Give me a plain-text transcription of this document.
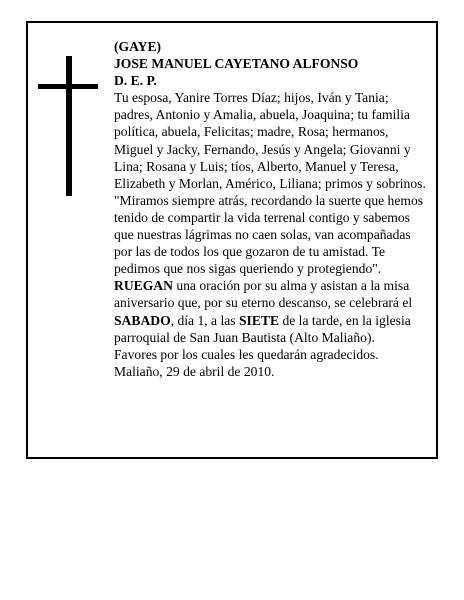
(GAYE)

JOSE MANUEL CAYETANO ALFONSO

D. E. P.

Tu esposa, Yanire Torres Díaz; hijos, Iván y Tania; padres, Antonio y Amalia, abuela, Joaquina; tu familia política, abuela, Felicitas; madre, Rosa; hermanos, Miguel y Jacky, Fernando, Jesús y Angela; Giovanni y Lina; Rosana y Luis; tíos, Alberto, Manuel y Teresa, Elizabeth y Morlan, Américo, Liliana; primos y sobrinos.

"Miramos siempre atrás, recordando la suerte que hemos tenido de compartir la vida terrenal contigo y sabemos que nuestras lágrimas no caen solas, van acompañadas por las de todos los que gozaron de tu amistad. Te pedimos que nos sigas queriendo y protegiendo".

RUEGAN una oración por su alma y asistan a la misa aniversario que, por su eterno descanso, se celebrará el SABADO, día 1, a las SIETE de la tarde, en la iglesia parroquial de San Juan Bautista (Alto Maliaño).

Favores por los cuales les quedarán agradecidos.

Maliaño, 29 de abril de 2010.
